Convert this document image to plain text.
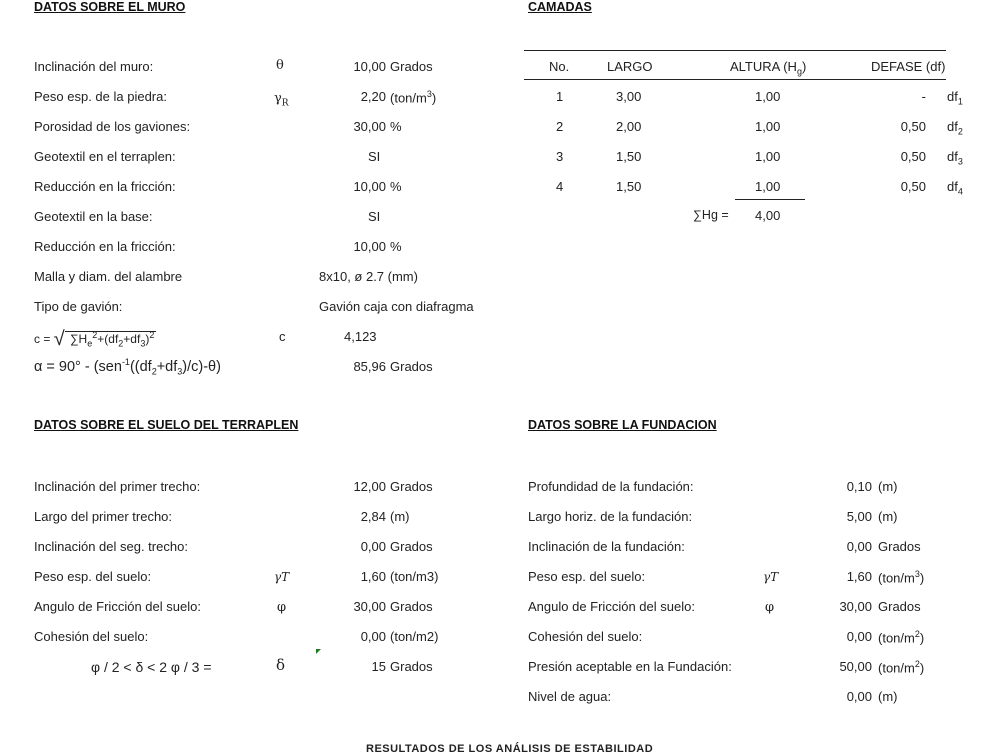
DATOS SOBRE EL MURO
Inclinación del muro:	θ	10,00 Grados
Peso esp. de la piedra:	$\gamma_R$	2,20 $(ton/m^3)$
Porosidad de los gaviones:	30,00 %
Geotextil en el terraplen:	SI
Reducción en la fricción:	10,00 %
Geotextil en la base:	SI
Reducción en la fricción:	10,00 %
Malla y diam. del alambre	8x10, ø 2.7 (mm)
Tipo de gavión:	Gavión caja con diafragma
c = √ $\sum H_e^2+(df_2+df_3)^2$	c	4,123
$\alpha = 90^\circ - (sen^{-1}((df_2+df_3)/c)-\theta)$	85,96 Grados
CAMADAS
No.	LARGO	ALTURA $(H_g)$	DEFASE (df)
1	3,00	1,00	- $df_1$
2	2,00	1,00	0,50 $df_2$
3	1,50	1,00	0,50 $df_3$
4	1,50	1,00	0,50 $df_4$
∑Hg = 4,00
DATOS SOBRE EL SUELO DEL TERRAPLEN
Inclinación del primer trecho:	12,00 Grados
Largo del primer trecho:	2,84 (m)
Inclinación del seg. trecho:	0,00 Grados
Peso esp. del suelo:	γT	1,60 (ton/m3)
Angulo de Fricción del suelo:	φ	30,00 Grados
Cohesión del suelo:	0,00 (ton/m2)
φ / 2 < δ < 2 φ / 3 =	δ	15 Grados
DATOS SOBRE LA FUNDACION
Profundidad de la fundación:	0,10 (m)
Largo horiz. de la fundación:	5,00 (m)
Inclinación de la fundación:	0,00 Grados
Peso esp. del suelo:	γT	1,60 $(ton/m^3)$
Angulo de Fricción del suelo:	φ	30,00 Grados
Cohesión del suelo:	0,00 $(ton/m^2)$
Presión aceptable en la Fundación:	50,00 $(ton/m^2)$
Nivel de agua:	0,00 (m)
RESULTADOS DE LOS ANÁLISIS DE ESTABILIDAD
